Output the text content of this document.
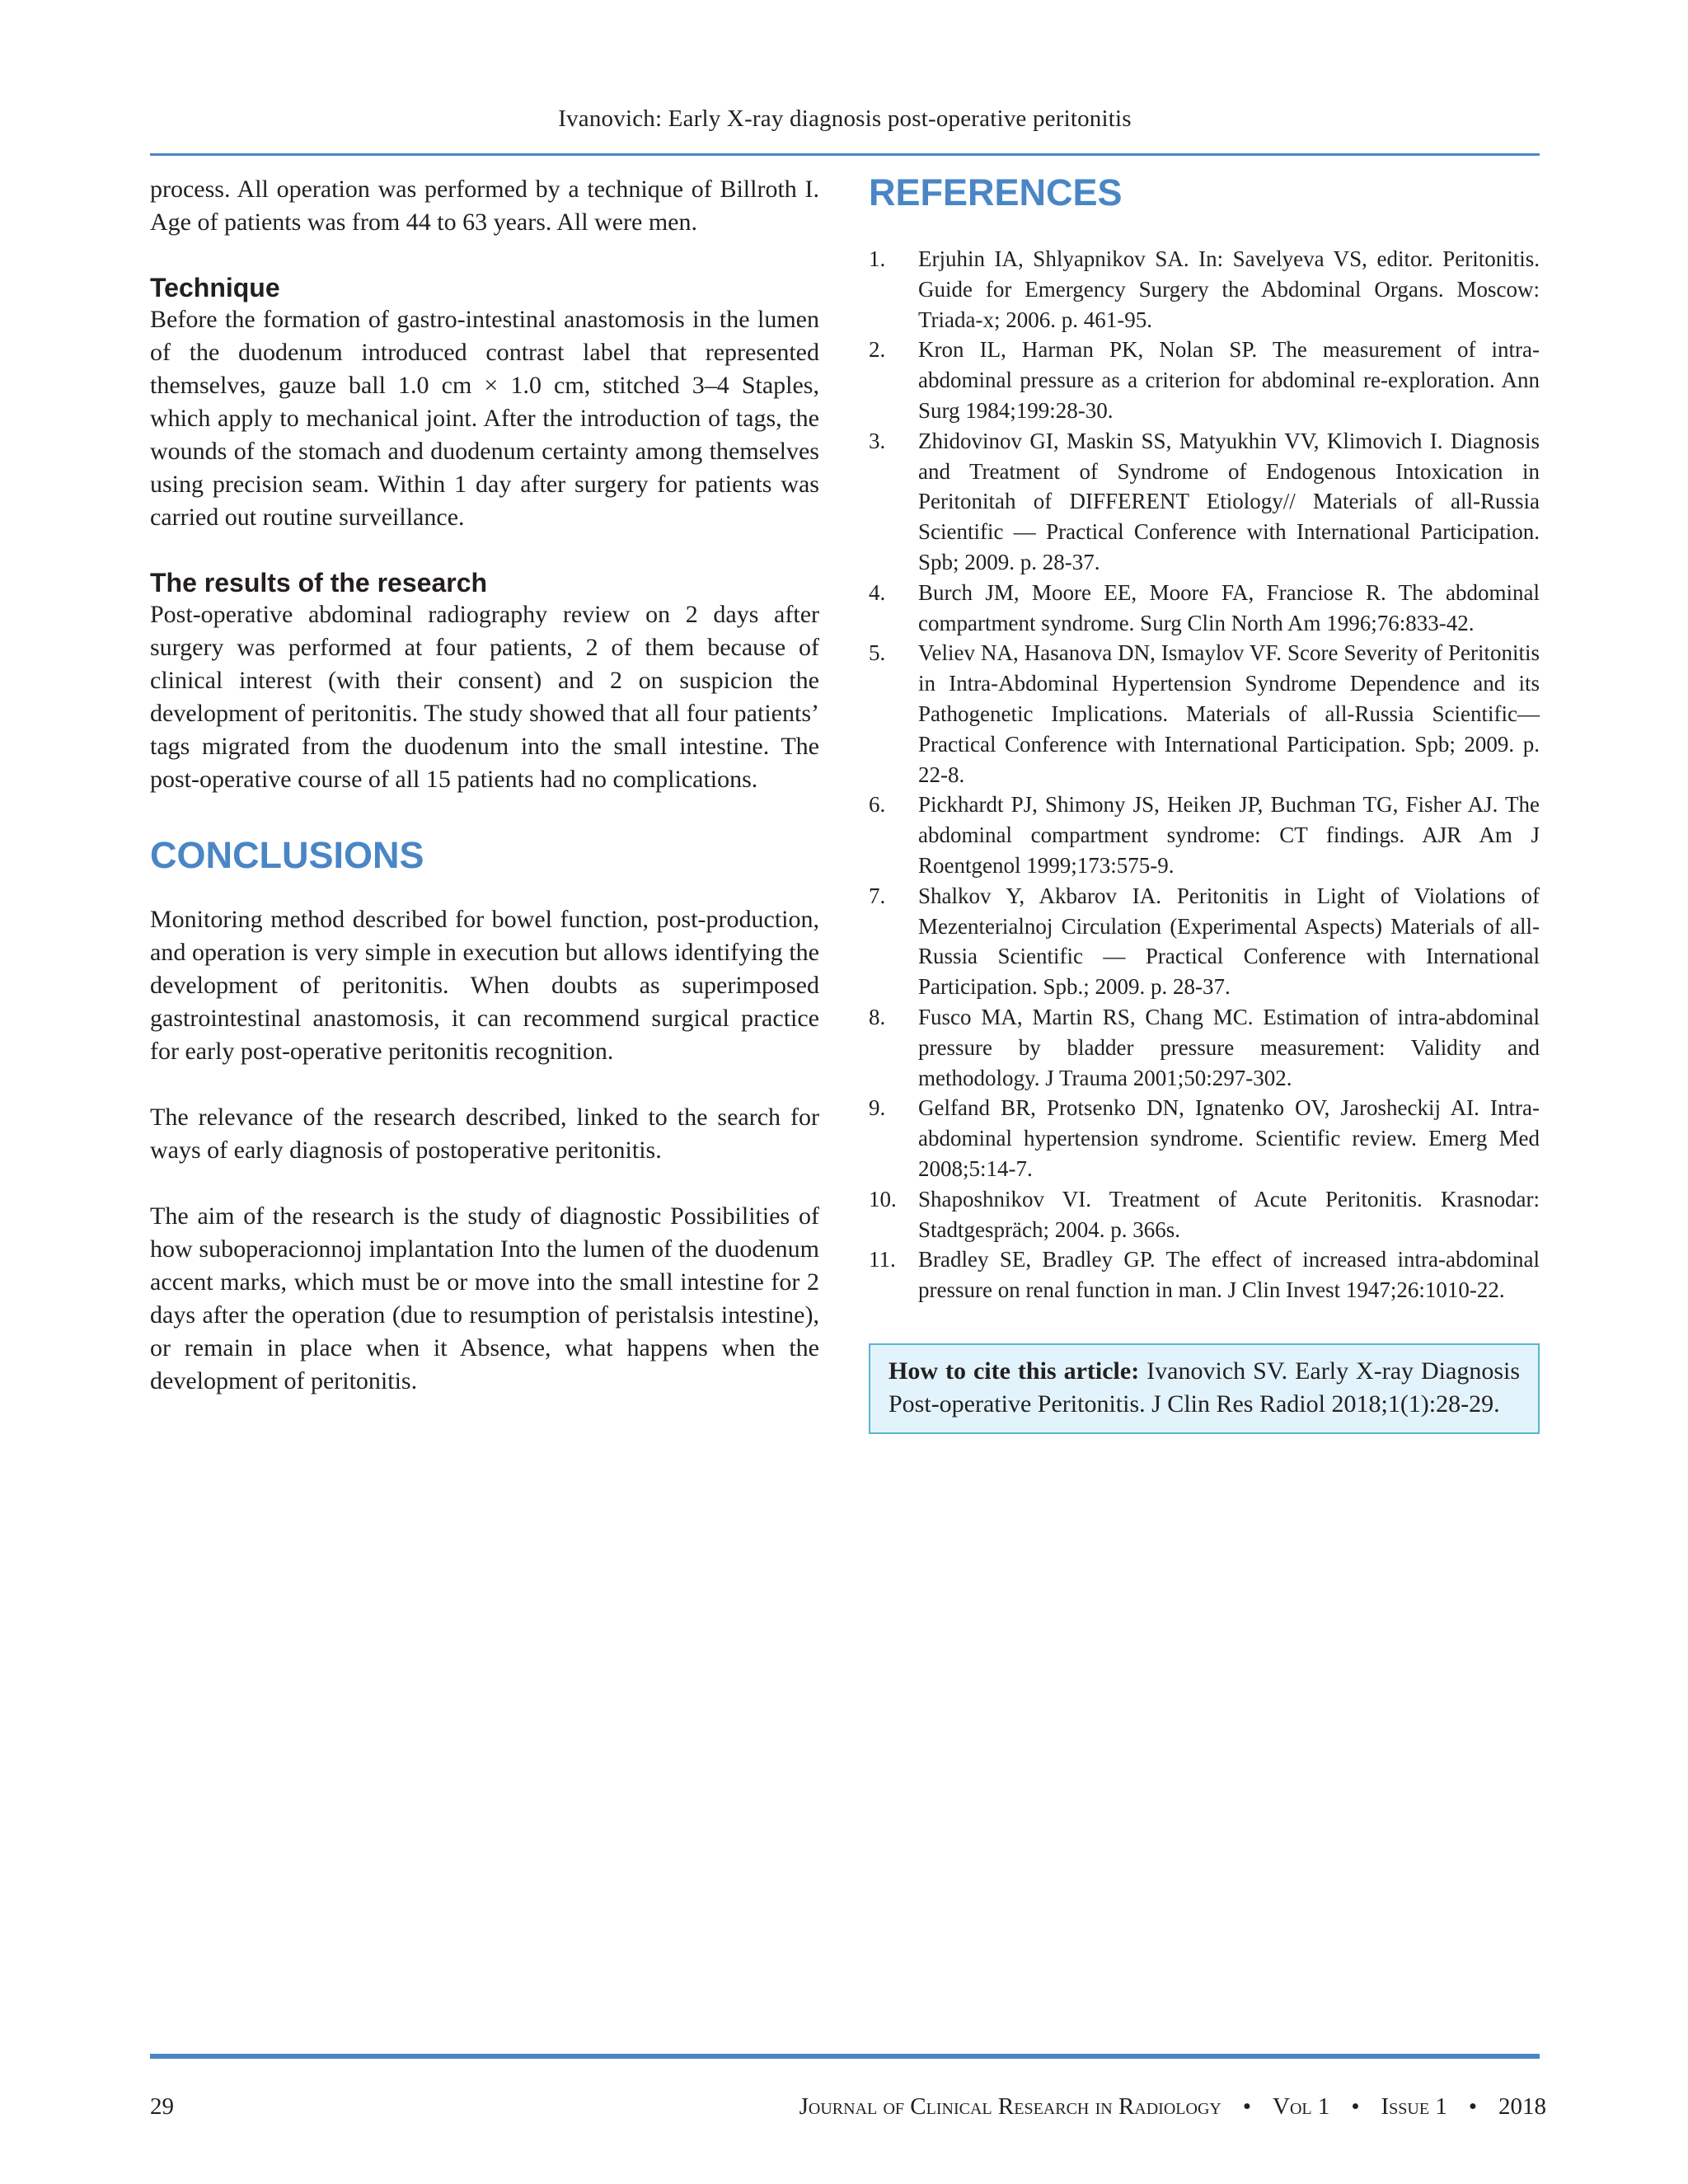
Ivanovich: Early X-ray diagnosis post-operative peritonitis

process. All operation was performed by a technique of Billroth I. Age of patients was from 44 to 63 years. All were men.

Technique

Before the formation of gastro-intestinal anastomosis in the lumen of the duodenum introduced contrast label that represented themselves, gauze ball 1.0 cm × 1.0 cm, stitched 3–4 Staples, which apply to mechanical joint. After the introduction of tags, the wounds of the stomach and duodenum certainty among themselves using precision seam. Within 1 day after surgery for patients was carried out routine surveillance.

The results of the research

Post-operative abdominal radiography review on 2 days after surgery was performed at four patients, 2 of them because of clinical interest (with their consent) and 2 on suspicion the development of peritonitis. The study showed that all four patients’ tags migrated from the duodenum into the small intestine. The post-operative course of all 15 patients had no complications.

CONCLUSIONS

Monitoring method described for bowel function, post-production, and operation is very simple in execution but allows identifying the development of peritonitis. When doubts as superimposed gastrointestinal anastomosis, it can recommend surgical practice for early post-operative peritonitis recognition.

The relevance of the research described, linked to the search for ways of early diagnosis of postoperative peritonitis.

The aim of the research is the study of diagnostic Possibilities of how suboperacionnoj implantation Into the lumen of the duodenum accent marks, which must be or move into the small intestine for 2 days after the operation (due to resumption of peristalsis intestine), or remain in place when it Absence, what happens when the development of peritonitis.

REFERENCES
1. Erjuhin IA, Shlyapnikov SA. In: Savelyeva VS, editor. Peritonitis. Guide for Emergency Surgery the Abdominal Organs. Moscow: Triada-x; 2006. p. 461-95.
2. Kron IL, Harman PK, Nolan SP. The measurement of intra-abdominal pressure as a criterion for abdominal re-exploration. Ann Surg 1984;199:28-30.
3. Zhidovinov GI, Maskin SS, Matyukhin VV, Klimovich I. Diagnosis and Treatment of Syndrome of Endogenous Intoxication in Peritonitah of DIFFERENT Etiology// Materials of all-Russia Scientific — Practical Conference with International Participation. Spb; 2009. p. 28-37.
4. Burch JM, Moore EE, Moore FA, Franciose R. The abdominal compartment syndrome. Surg Clin North Am 1996;76:833-42.
5. Veliev NA, Hasanova DN, Ismaylov VF. Score Severity of Peritonitis in Intra-Abdominal Hypertension Syndrome Dependence and its Pathogenetic Implications. Materials of all-Russia Scientific—Practical Conference with International Participation. Spb; 2009. p. 22-8.
6. Pickhardt PJ, Shimony JS, Heiken JP, Buchman TG, Fisher AJ. The abdominal compartment syndrome: CT findings. AJR Am J Roentgenol 1999;173:575-9.
7. Shalkov Y, Akbarov IA. Peritonitis in Light of Violations of Mezenterialnoj Circulation (Experimental Aspects) Materials of all-Russia Scientific — Practical Conference with International Participation. Spb.; 2009. p. 28-37.
8. Fusco MA, Martin RS, Chang MC. Estimation of intra-abdominal pressure by bladder pressure measurement: Validity and methodology. J Trauma 2001;50:297-302.
9. Gelfand BR, Protsenko DN, Ignatenko OV, Jarosheckij AI. Intra-abdominal hypertension syndrome. Scientific review. Emerg Med 2008;5:14-7.
10. Shaposhnikov VI. Treatment of Acute Peritonitis. Krasnodar: Stadtgespräch; 2004. p. 366s.
11. Bradley SE, Bradley GP. The effect of increased intra-abdominal pressure on renal function in man. J Clin Invest 1947;26:1010-22.
How to cite this article: Ivanovich SV. Early X-ray Diagnosis Post-operative Peritonitis. J Clin Res Radiol 2018;1(1):28-29.
29	Journal of Clinical Research in Radiology • Vol 1 • Issue 1 • 2018
